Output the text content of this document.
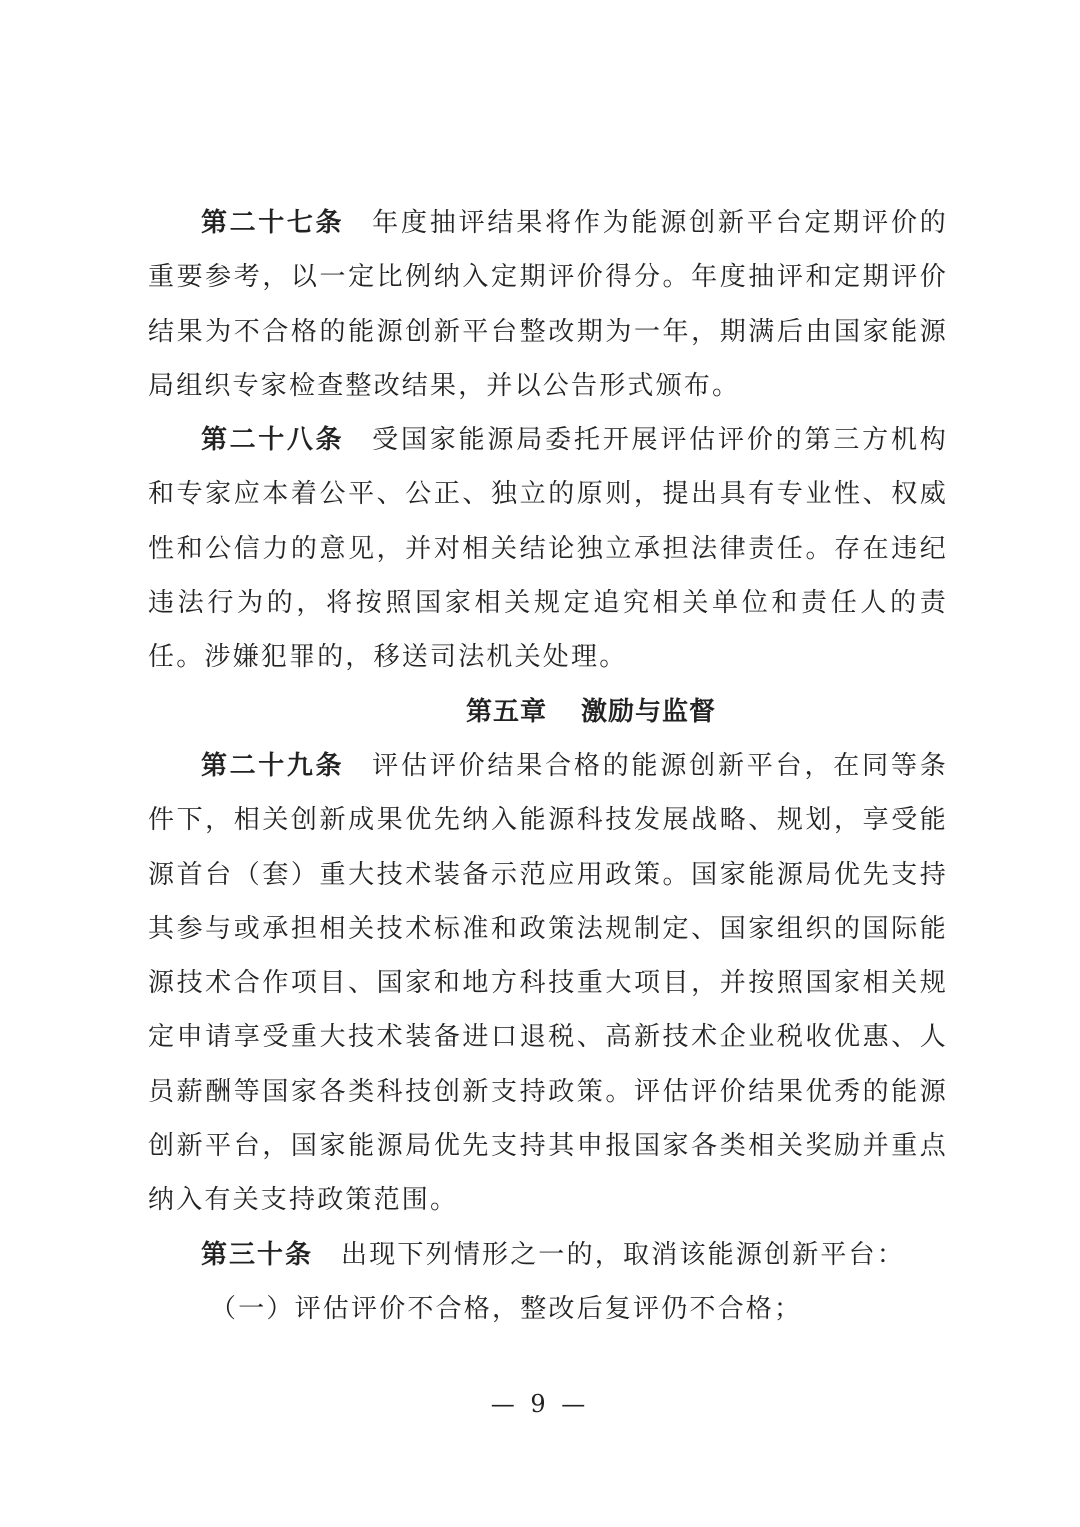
第二十七条 年度抽评结果将作为能源创新平台定期评价的重要参考，以一定比例纳入定期评价得分。年度抽评和定期评价结果为不合格的能源创新平台整改期为一年，期满后由国家能源局组织专家检查整改结果，并以公告形式颁布。

第二十八条 受国家能源局委托开展评估评价的第三方机构和专家应本着公平、公正、独立的原则，提出具有专业性、权威性和公信力的意见，并对相关结论独立承担法律责任。存在违纪违法行为的，将按照国家相关规定追究相关单位和责任人的责任。涉嫌犯罪的，移送司法机关处理。

第五章 激励与监督

第二十九条 评估评价结果合格的能源创新平台，在同等条件下，相关创新成果优先纳入能源科技发展战略、规划，享受能源首台（套）重大技术装备示范应用政策。国家能源局优先支持其参与或承担相关技术标准和政策法规制定、国家组织的国际能源技术合作项目、国家和地方科技重大项目，并按照国家相关规定申请享受重大技术装备进口退税、高新技术企业税收优惠、人员薪酬等国家各类科技创新支持政策。评估评价结果优秀的能源创新平台，国家能源局优先支持其申报国家各类相关奖励并重点纳入有关支持政策范围。

第三十条 出现下列情形之一的，取消该能源创新平台：

（一）评估评价不合格，整改后复评仍不合格；

— 9 —
